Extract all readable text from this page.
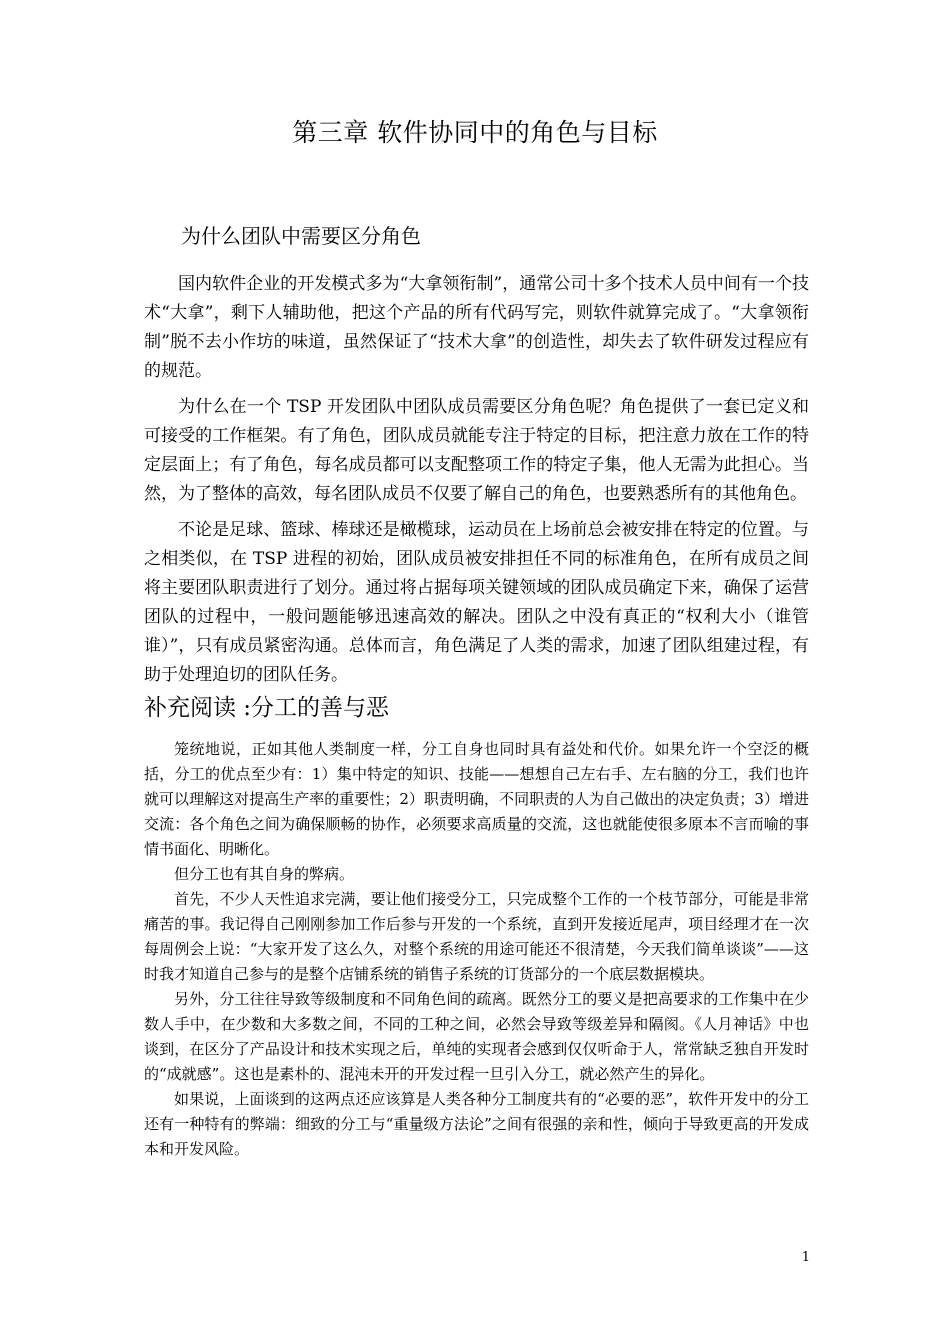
第三章 软件协同中的角色与目标
为什么团队中需要区分角色

国内软件企业的开发模式多为“大拿领衔制”，通常公司十多个技术人员中间有一个技术“大拿”，剩下人辅助他，把这个产品的所有代码写完，则软件就算完成了。“大拿领衔制”脱不去小作坊的味道，虽然保证了“技术大拿”的创造性，却失去了软件研发过程应有的规范。

为什么在一个 TSP 开发团队中团队成员需要区分角色呢？角色提供了一套已定义和可接受的工作框架。有了角色，团队成员就能专注于特定的目标，把注意力放在工作的特定层面上；有了角色，每名成员都可以支配整项工作的特定子集，他人无需为此担心。当然，为了整体的高效，每名团队成员不仅要了解自己的角色，也要熟悉所有的其他角色。

不论是足球、篮球、棒球还是橄榄球，运动员在上场前总会被安排在特定的位置。与之相类似，在 TSP 进程的初始，团队成员被安排担任不同的标准角色，在所有成员之间将主要团队职责进行了划分。通过将占据每项关键领域的团队成员确定下来，确保了运营团队的过程中，一般问题能够迅速高效的解决。团队之中没有真正的“权利大小（谁管谁）”，只有成员紧密沟通。总体而言，角色满足了人类的需求，加速了团队组建过程，有助于处理迫切的团队任务。

补充阅读 :分工的善与恶

笼统地说，正如其他人类制度一样，分工自身也同时具有益处和代价。如果允许一个空泛的概括，分工的优点至少有：1）集中特定的知识、技能——想想自己左右手、左右脑的分工，我们也许就可以理解这对提高生产率的重要性；2）职责明确，不同职责的人为自己做出的决定负责；3）增进交流：各个角色之间为确保顺畅的协作，必须要求高质量的交流，这也就能使很多原本不言而喻的事情书面化、明晰化。

但分工也有其自身的弊病。

首先，不少人天性追求完满，要让他们接受分工，只完成整个工作的一个枝节部分，可能是非常痛苦的事。我记得自己刚刚参加工作后参与开发的一个系统，直到开发接近尾声，项目经理才在一次每周例会上说：“大家开发了这么久，对整个系统的用途可能还不很清楚，今天我们简单谈谈”——这时我才知道自己参与的是整个店铺系统的销售子系统的订货部分的一个底层数据模块。

另外，分工往往导致等级制度和不同角色间的疏离。既然分工的要义是把高要求的工作集中在少数人手中，在少数和大多数之间，不同的工种之间，必然会导致等级差异和隔阂。《人月神话》中也谈到，在区分了产品设计和技术实现之后，单纯的实现者会感到仅仅听命于人，常常缺乏独自开发时的“成就感”。这也是素朴的、混沌未开的开发过程一旦引入分工，就必然产生的异化。

如果说，上面谈到的这两点还应该算是人类各种分工制度共有的“必要的恶”，软件开发中的分工还有一种特有的弊端：细致的分工与“重量级方法论”之间有很强的亲和性，倾向于导致更高的开发成本和开发风险。

1
